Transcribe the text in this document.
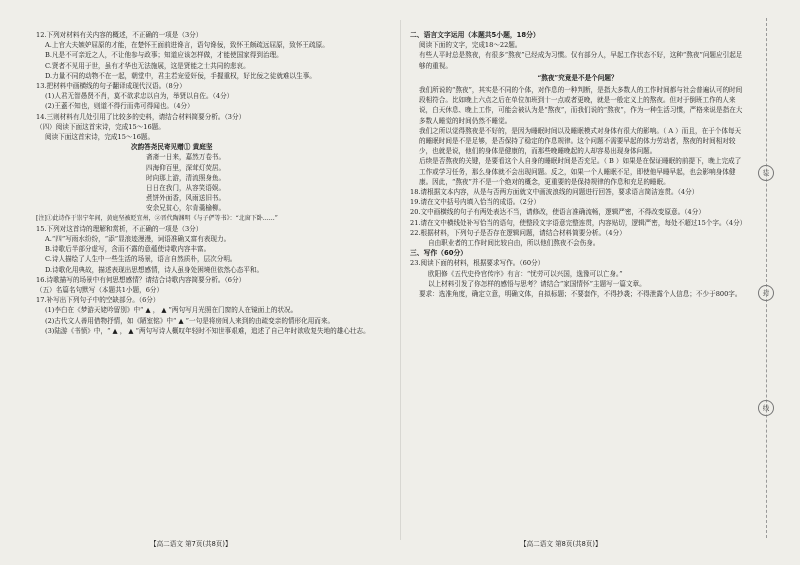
12.下列对材料有关内容的概述，不正确的一项是（3分）

A.上官大夫嫉妒屈原的才能，在楚怀王面前进谗言，语句谗佞，致怀王颇疏远屈原，致怀王疏原。

B.凡是不可亲近之人，不让他参与政事；知道应该怎样做，才能使国家得到治理。

C.贤者不见用于世，虽有才华也无法施展，这是贤能之士共同的悲哀。

D.力量不同的动物不在一起，朝堂中，君主若宠爱奸佞，手握重权，好比佞之徒就难以生事。

13.把材料中画横线的句子翻译成现代汉语。（8分）

(1)人君无智愚贤不肖，莫不欲求忠以自为，举贤以自佐。（4分）

(2)王蓋不知也，则道不得行而弗可得闻也。（4分）

14.三则材料有几处引用了比较多的史料，请结合材料简要分析。（3分）

（四）阅读下面这首宋诗，完成15～16题。

阅读下面这首宋诗，完成15～16题。

次韵答尧民寄见赠① 黄庭坚

斋斋一日来，嘉然万卷书。

四海仰百里，深茸灯荧居。

时向那上游，清流照身鱼。

日日在我门，从容笑语娱。

煮饼外面香，风雨送旧书。

安余兄贫心，尔肯羹榆柳。

[注]①此诗作于崇宁年间，黄庭坚被贬宜州，②晋代陶渊明《与子俨等书》：“北窗下卧……”

15.下列对这首诗的理解和赏析，不正确的一项是（3分）

A.“四”写雨水纷纷，“添”显浪迹漫漫，词语准确又富有表现力。

B.诗歌后半部分虚写，含而不露的意蕴使诗歌内容丰富。

C.诗人描绘了人生中一些生活的场景，语言自然质朴，层次分明。

D.诗歌化用典故，描述表现出思想感情，诗人虽身处困境但依然心态平和。

16.诗歌描写的场景中有何思想感情？请结合诗歌内容简要分析。（6分）

（五）名篇名句默写（本题共1小题，6分）

17.补写出下列句子中的空缺部分。（6分）

(1)李白在《梦游天姥吟留别》中“ ▲ ， ▲ ”两句写月光照在门窗的人在镜面上的状况。

(2)古代文人善用借物抒情，如《陋室铭》中“ ▲ ”一句是将房间人来到的由疏变亲的情形化用而来。

(3)陆游《书愤》中，“ ▲ ， ▲ ”两句写诗人概叹年轻时不知世事艰难，追述了自己年时欲收复失地的雄心壮志。

二、语言文字运用（本题共5小题，18分）

阅读下面的文字，完成18～22题。

有些人平时总是熬夜，有很多“熬夜”已经成为习惯。仅有部分人，早起工作状态不好，这种“熬夜”问题应引起足够的重视。

“熬夜”究竟是不是个问题？

我们所说的“熬夜”，其实是不同的个体，对作息的一种判断，是指大多数人的工作时间都与社会普遍认可的时间段相符合。比如晚上六点之后在单位加班到十一点或者更晚，就是一般定义上的熬夜。但对于倒班工作的人来说，白天休息、晚上工作，可能会被认为是“熬夜”，而我们说的“熬夜”，作为一种生活习惯，严格来说是指在大多数人睡觉的时间仍然不睡觉。

我们之所以觉得熬夜是不好的，是因为睡眠时间以及睡眠模式对身体有很大的影响。（ A ）而且，在于个体每天的睡眠时间是不是足够，是否保持了稳定的作息规律。这个问题不需要早起的体力劳动者，熬夜的时间相对较少，也就是说，他们的身体是健康的，而那些晚睡晚起的人却容易出现身体问题。

后续是否熬夜的关键，是要看这个人自身的睡眠时间是否充足。（ B ）如果是在保证睡眠的前提下，晚上完成了工作或学习任务，那么身体就不会出现问题。反之，如果一个人睡眠不足，即使他早睡早起，也会影响身体健康。因此，“熬夜”并不是一个绝对的概念，更重要的是保持规律的作息和充足的睡眠。

18.请根据文本内容，从是与否两方面就文中画波浪线的问题进行回答，要求语言简洁连贯。（4分）

19.请在文中括号内填入恰当的成语。（2分）

20.文中画横线的句子有两处表达不当，请修改，使语言准确流畅，逻辑严密，不得改变原意。（4分）

21.请在文中横线处补写恰当的语句，使整段文字语意完整连贯，内容贴切，逻辑严密，每处不超过15个字。（4分）

22.根据材料，下列句子是否存在逻辑问题，请结合材料简要分析。（4分）

自由职业者的工作时间比较自由，所以他们熬夜不会伤身。

三、写作（60分）

23.阅读下面的材料，根据要求写作。（60分）

欧阳修《五代史伶官传序》有言：“忧劳可以兴国，逸豫可以亡身。”

以上材料引发了你怎样的感悟与思考？请结合“家国情怀”主题写一篇文章。

要求：选准角度，确定立意，明确文体，自拟标题；不要套作，不得抄袭；不得泄露个人信息；不少于800字。

【高二语文 第7页(共8页)】	【高二语文 第8页(共8页)】
装
封
线
